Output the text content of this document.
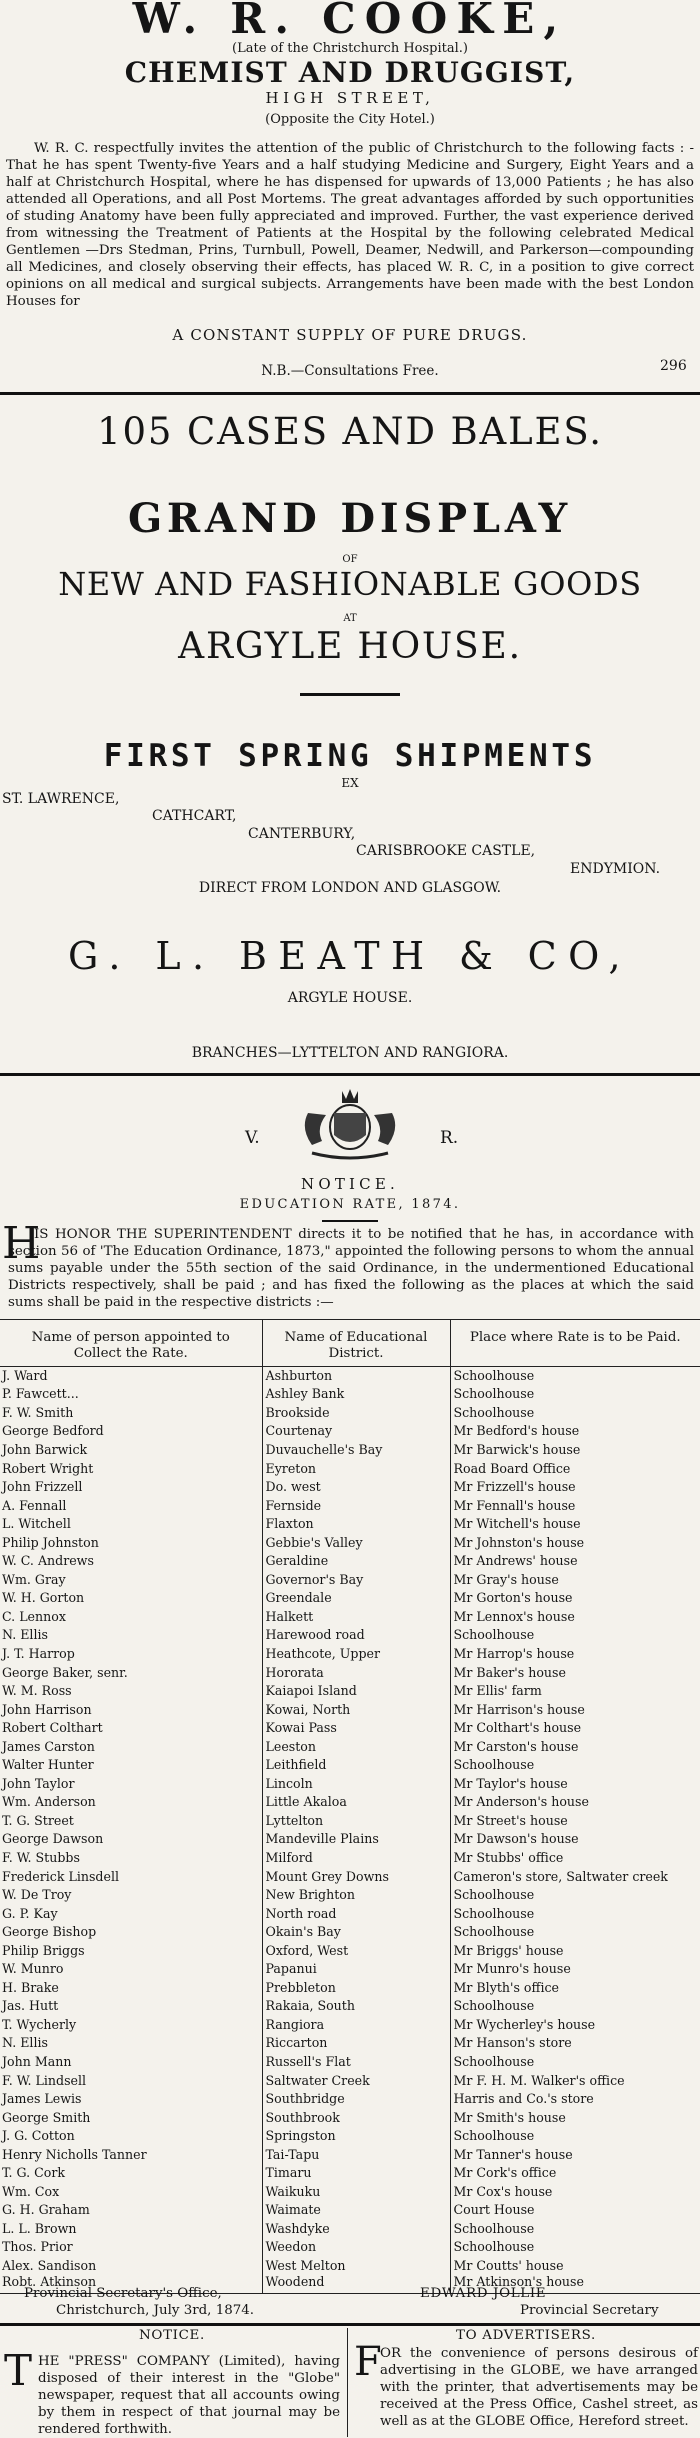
W. R. COOKE,
(Late of the Christchurch Hospital.)
CHEMIST AND DRUGGIST,
HIGH STREET,
(Opposite the City Hotel.)
W. R. C. respectfully invites the attention of the public of Christchurch to the following facts : -That he has spent Twenty-five Years and a half studying Medicine and Surgery, Eight Years and a half at Christchurch Hospital, where he has dispensed for upwards of 13,000 Patients ; he has also attended all Operations, and all Post Mortems. The great advantages afforded by such opportunities of studing Anatomy have been fully appreciated and improved. Further, the vast experience derived from witnessing the Treatment of Patients at the Hospital by the following celebrated Medical Gentlemen —Drs Stedman, Prins, Turnbull, Powell, Deamer, Nedwill, and Parkerson—compounding all Medicines, and closely observing their effects, has placed W. R. C, in a position to give correct opinions on all medical and surgical subjects. Arrangements have been made with the best London Houses for
A CONSTANT SUPPLY OF PURE DRUGS.
N.B.—Consultations Free.	296
105 CASES AND BALES.
GRAND DISPLAY
OF
NEW AND FASHIONABLE GOODS
AT
ARGYLE HOUSE.
FIRST SPRING SHIPMENTS
EX
ST. LAWRENCE,
CATHCART,
CANTERBURY,
CARISBROOKE CASTLE,
ENDYMION.
DIRECT FROM LONDON AND GLASGOW.
G. L. BEATH & CO,
ARGYLE HOUSE.
BRANCHES—LYTTELTON AND RANGIORA.
V.	R.
NOTICE.
EDUCATION RATE, 1874.
H
IS HONOR THE SUPERINTENDENT directs it to be notified that he has, in accordance with section 56 of 'The Education Ordinance, 1873," appointed the following persons to whom the annual sums payable under the 55th section of the said Ordinance, in the undermentioned Educational Districts respectively, shall be paid ; and has fixed the following as the places at which the said sums shall be paid in the respective districts :—
Name of person appointed to Collect the Rate.	Name of Educational District.	Place where Rate is to be Paid.
J. Ward	Ashburton	Schoolhouse
P. Fawcett...	Ashley Bank	Schoolhouse
F. W. Smith	Brookside	Schoolhouse
George Bedford	Courtenay	Mr Bedford's house
John Barwick	Duvauchelle's Bay	Mr Barwick's house
Robert Wright	Eyreton	Road Board Office
John Frizzell	Do. west	Mr Frizzell's house
A. Fennall	Fernside	Mr Fennall's house
L. Witchell	Flaxton	Mr Witchell's house
Philip Johnston	Gebbie's Valley	Mr Johnston's house
W. C. Andrews	Geraldine	Mr Andrews' house
Wm. Gray	Governor's Bay	Mr Gray's house
W. H. Gorton	Greendale	Mr Gorton's house
C. Lennox	Halkett	Mr Lennox's house
N. Ellis	Harewood road	Schoolhouse
J. T. Harrop	Heathcote, Upper	Mr Harrop's house
George Baker, senr.	Hororata	Mr Baker's house
W. M. Ross	Kaiapoi Island	Mr Ellis' farm
John Harrison	Kowai, North	Mr Harrison's house
Robert Colthart	Kowai Pass	Mr Colthart's house
James Carston	Leeston	Mr Carston's house
Walter Hunter	Leithfield	Schoolhouse
John Taylor	Lincoln	Mr Taylor's house
Wm. Anderson	Little Akaloa	Mr Anderson's house
T. G. Street	Lyttelton	Mr Street's house
George Dawson	Mandeville Plains	Mr Dawson's house
F. W. Stubbs	Milford	Mr Stubbs' office
Frederick Linsdell	Mount Grey Downs	Cameron's store, Saltwater creek
W. De Troy	New Brighton	Schoolhouse
G. P. Kay	North road	Schoolhouse
George Bishop	Okain's Bay	Schoolhouse
Philip Briggs	Oxford, West	Mr Briggs' house
W. Munro	Papanui	Mr Munro's house
H. Brake	Prebbleton	Mr Blyth's office
Jas. Hutt	Rakaia, South	Schoolhouse
T. Wycherly	Rangiora	Mr Wycherley's house
N. Ellis	Riccarton	Mr Hanson's store
John Mann	Russell's Flat	Schoolhouse
F. W. Lindsell	Saltwater Creek	Mr F. H. M. Walker's office
James Lewis	Southbridge	Harris and Co.'s store
George Smith	Southbrook	Mr Smith's house
J. G. Cotton	Springston	Schoolhouse
Henry Nicholls Tanner	Tai-Tapu	Mr Tanner's house
T. G. Cork	Timaru	Mr Cork's office
Wm. Cox	Waikuku	Mr Cox's house
G. H. Graham	Waimate	Court House
L. L. Brown	Washdyke	Schoolhouse
Thos. Prior	Weedon	Schoolhouse
Alex. Sandison	West Melton	Mr Coutts' house
Robt. Atkinson	Woodend	Mr Atkinson's house
Provincial Secretary's Office,
Christchurch, July 3rd, 1874.
EDWARD JOLLIE
Provincial Secretary
NOTICE.
T HE "PRESS" COMPANY (Limited), having disposed of their interest in the "Globe" newspaper, request that all accounts owing by them in respect of that journal may be rendered forthwith.
TO ADVERTISERS.
F
OR the convenience of persons desirous of advertising in the GLOBE, we have arranged with the printer, that advertisements may be received at the Press Office, Cashel street, as well as at the GLOBE Office, Hereford street.
